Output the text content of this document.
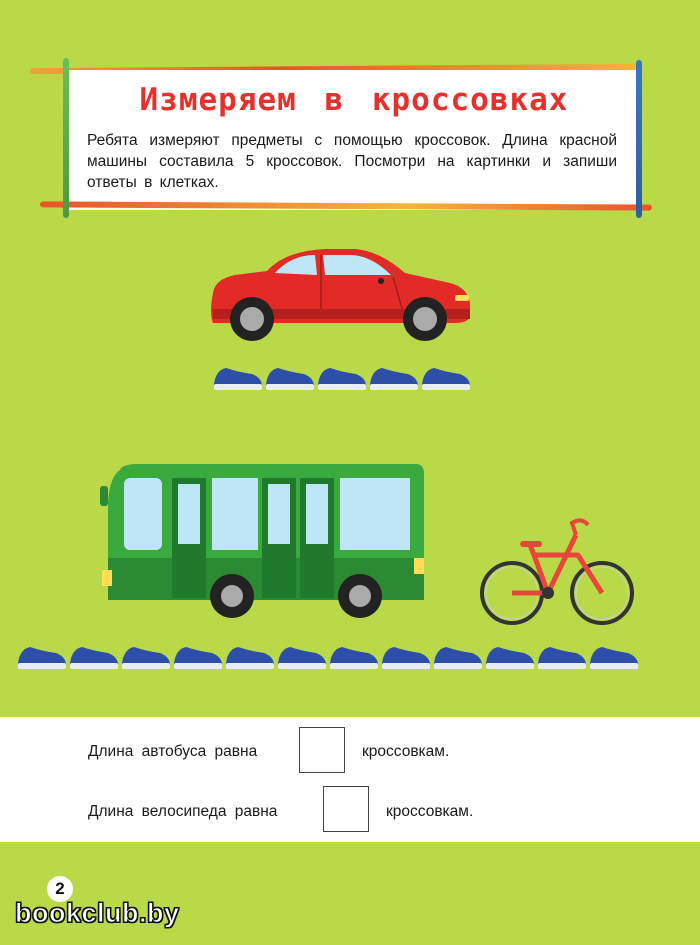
Измеряем в кроссовках
Ребята измеряют предметы с помощью кроссовок. Длина красной машины составила 5 кроссовок. Посмотри на картинки и запиши ответы в клетках.
Длина автобуса равна	кроссовкам.
Длина велосипеда равна	кроссовкам.
2
bookclub.by
